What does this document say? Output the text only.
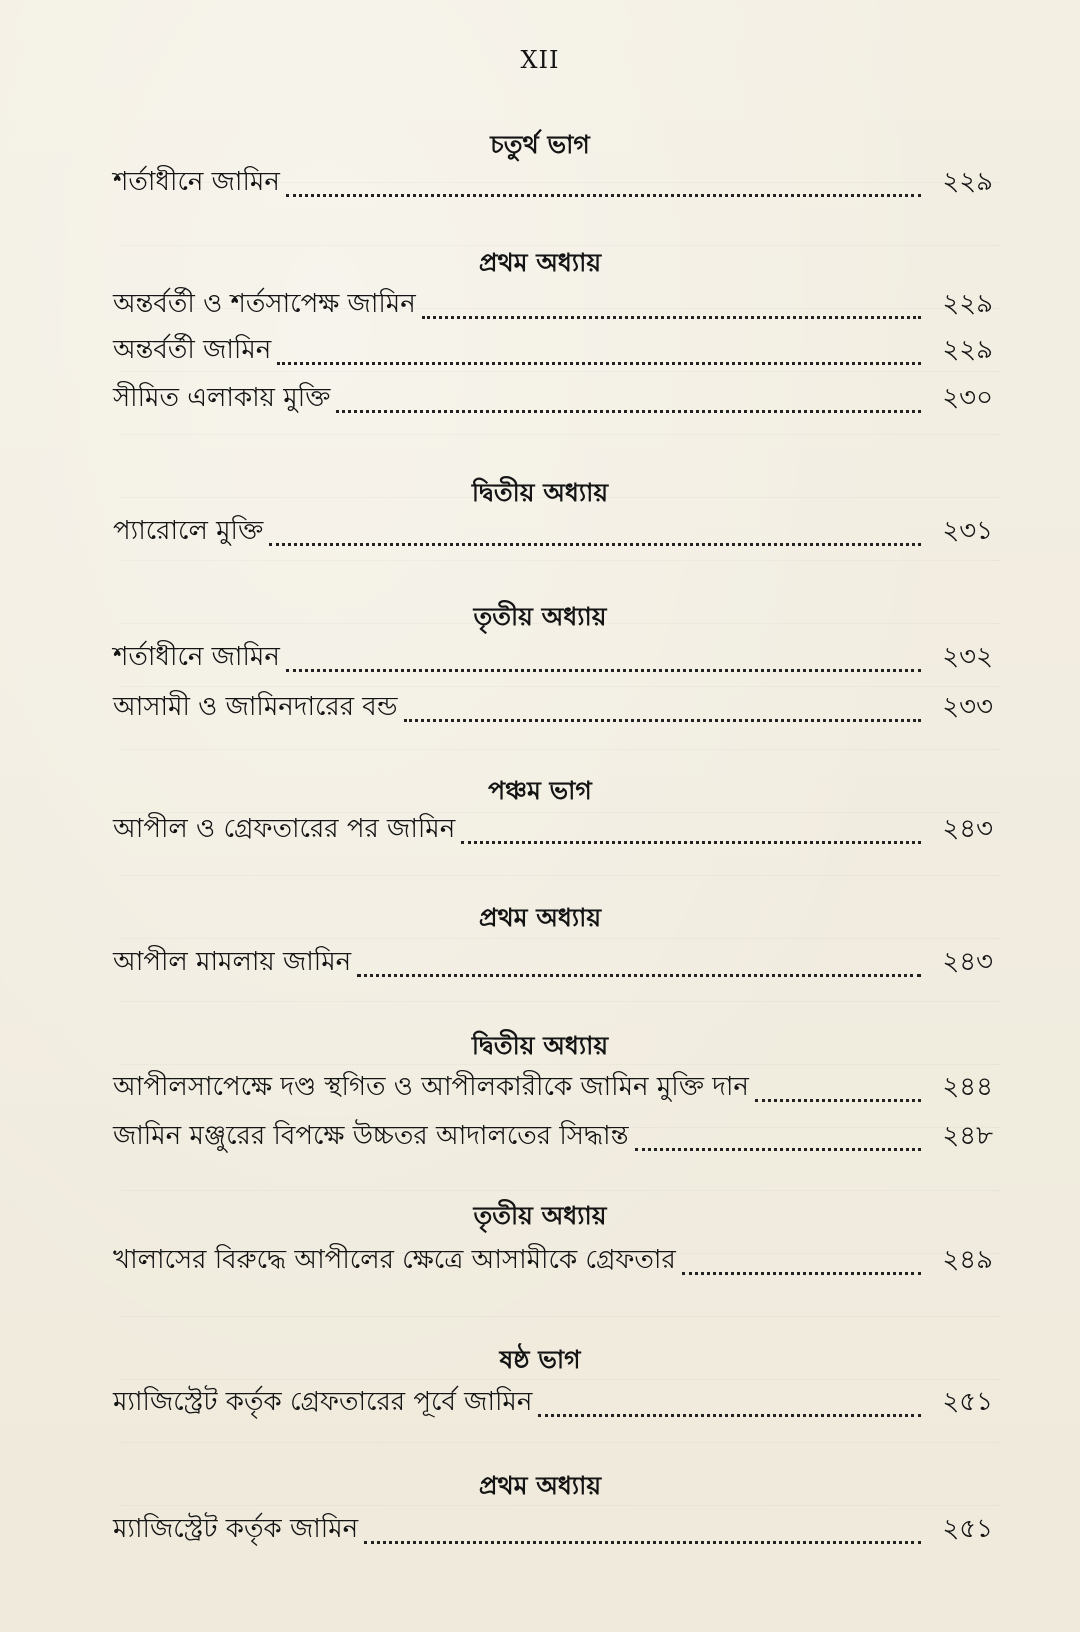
XII
চতুর্থ ভাগ
শর্তাধীনে জামিন	২২৯
প্রথম অধ্যায়
অন্তর্বর্তী ও শর্তসাপেক্ষ জামিন	২২৯
অন্তর্বর্তী জামিন	২২৯
সীমিত এলাকায় মুক্তি	২৩০
দ্বিতীয় অধ্যায়
প্যারোলে মুক্তি	২৩১
তৃতীয় অধ্যায়
শর্তাধীনে জামিন	২৩২
আসামী ও জামিনদারের বন্ড	২৩৩
পঞ্চম ভাগ
আপীল ও গ্রেফতারের পর জামিন	২৪৩
প্রথম অধ্যায়
আপীল মামলায় জামিন	২৪৩
দ্বিতীয় অধ্যায়
আপীলসাপেক্ষে দণ্ড স্থগিত ও আপীলকারীকে জামিন মুক্তি দান	২৪৪
জামিন মঞ্জুরের বিপক্ষে উচ্চতর আদালতের সিদ্ধান্ত	২৪৮
তৃতীয় অধ্যায়
খালাসের বিরুদ্ধে আপীলের ক্ষেত্রে আসামীকে গ্রেফতার	২৪৯
ষষ্ঠ ভাগ
ম্যাজিস্ট্রেট কর্তৃক গ্রেফতারের পূর্বে জামিন	২৫১
প্রথম অধ্যায়
ম্যাজিস্ট্রেট কর্তৃক জামিন	২৫১
